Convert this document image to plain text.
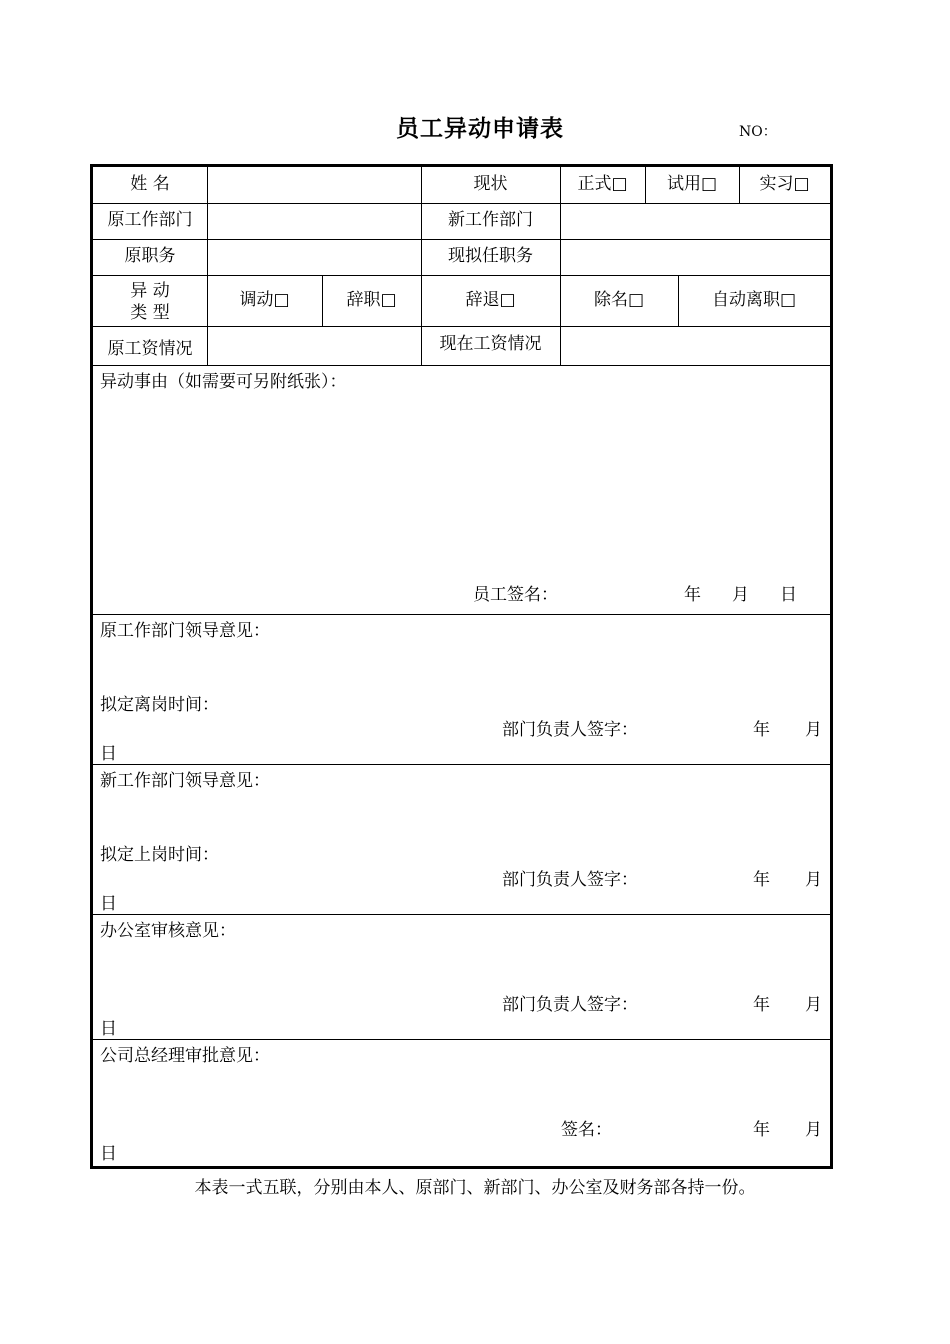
员工异动申请表	NO：
姓 名	现状	正式□	试用□	实习□
原工作部门	新工作部门
原职务	现拟任职务
异 动
类 型
调动□	辞职□	辞退□	除名□	自动离职□
原工资情况	现在工资情况
异动事由（如需要可另附纸张）：
员工签名：	年 月 日
原工作部门领导意见：
拟定离岗时间：
部门负责人签字：	年 月
日
新工作部门领导意见：
拟定上岗时间：
部门负责人签字：	年 月
日
办公室审核意见：
部门负责人签字：	年 月
日
公司总经理审批意见：
签名：	年 月
日
本表一式五联，分别由本人、原部门、新部门、办公室及财务部各持一份。
